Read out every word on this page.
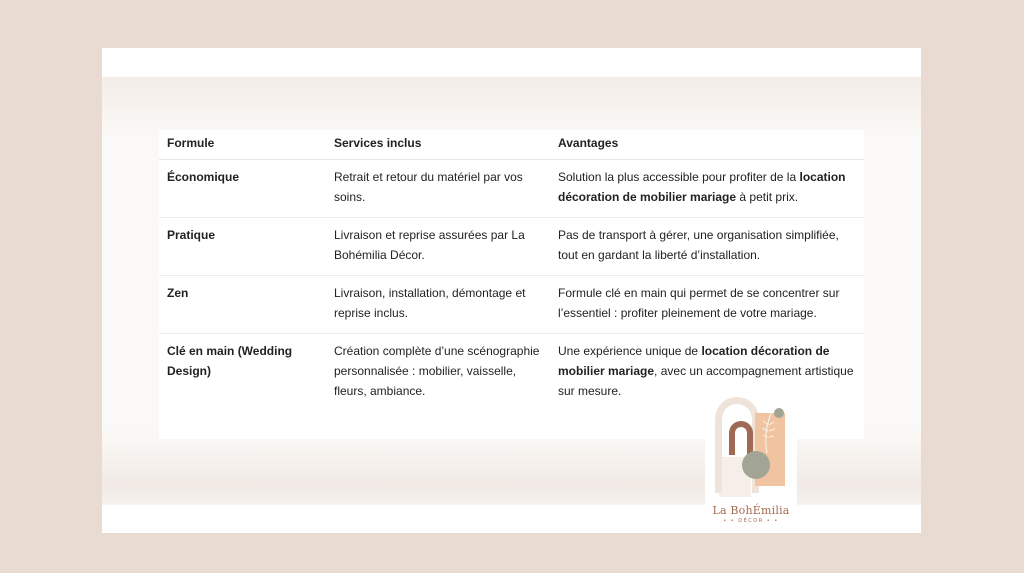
Formule	Services inclus	Avantages
Économique	Retrait et retour du matériel par vos soins.	Solution la plus accessible pour profiter de la location décoration de mobilier mariage à petit prix.
Pratique	Livraison et reprise assurées par La Bohémilia Décor.	Pas de transport à gérer, une organisation simplifiée, tout en gardant la liberté d’installation.
Zen	Livraison, installation, démontage et reprise inclus.	Formule clé en main qui permet de se concentrer sur l’essentiel : profiter pleinement de votre mariage.
Clé en main (Wedding Design)	Création complète d’une scénographie personnalisée : mobilier, vaisselle, fleurs, ambiance.	Une expérience unique de location décoration de mobilier mariage, avec un accompagnement artistique sur mesure.
La BohÉmilia
• • DÉCOR • •
